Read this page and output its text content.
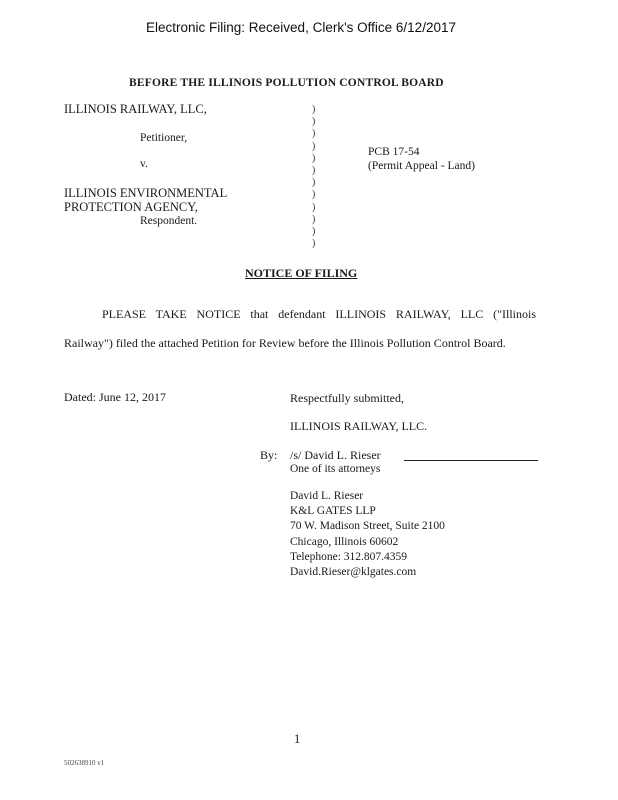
Electronic Filing: Received, Clerk's Office 6/12/2017
BEFORE THE ILLINOIS POLLUTION CONTROL BOARD
ILLINOIS RAILWAY, LLC,
Petitioner,
v.
ILLINOIS ENVIRONMENTAL
PROTECTION AGENCY,
Respondent.
)
)
)
)
)
)
)
)
)
)
)
)
PCB 17-54
(Permit Appeal - Land)
NOTICE OF FILING
PLEASE TAKE NOTICE that defendant ILLINOIS RAILWAY, LLC ("Illinois
Railway") filed the attached Petition for Review before the Illinois Pollution Control Board.
Dated: June 12, 2017	Respectfully submitted,
ILLINOIS RAILWAY, LLC.
By: /s/ David L. Rieser
One of its attorneys
David L. Rieser
K&L GATES LLP
70 W. Madison Street, Suite 2100
Chicago, Illinois 60602
Telephone: 312.807.4359
David.Rieser@klgates.com
1
502638910 v1
